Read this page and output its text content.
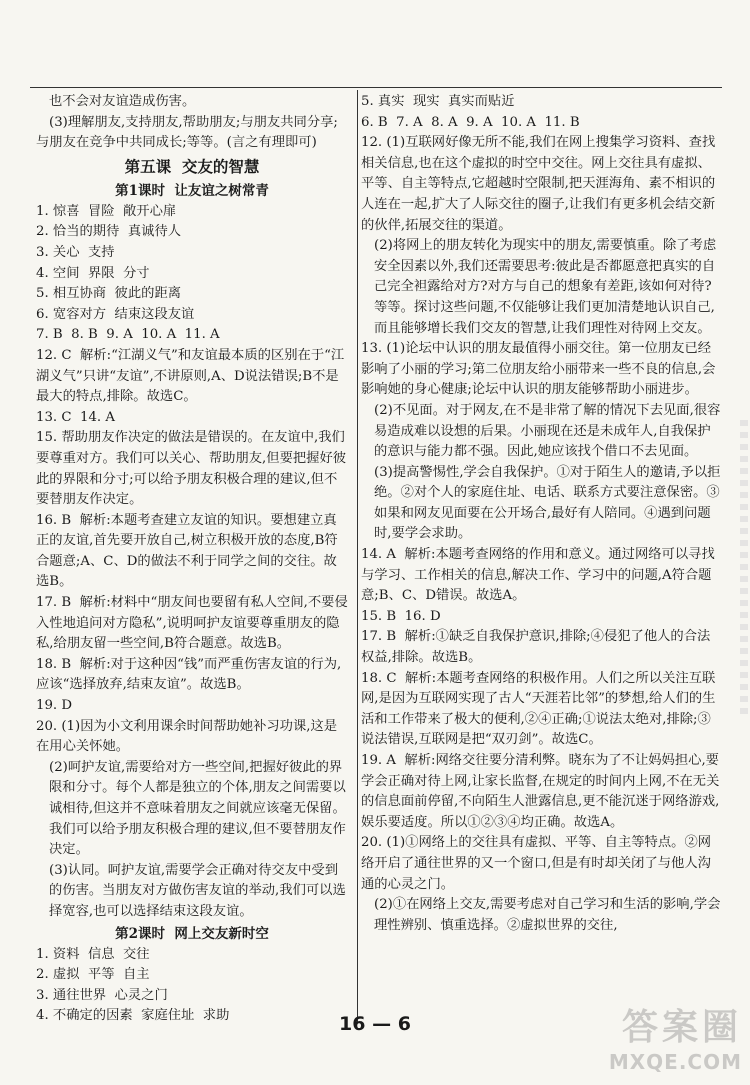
也不会对友谊造成伤害。

(3)理解朋友,支持朋友,帮助朋友;与朋友共同分享;与朋友在竞争中共同成长;等等。(言之有理即可)

第五课  交友的智慧

第1课时  让友谊之树常青

1. 惊喜  冒险  敞开心扉

2. 恰当的期待  真诚待人

3. 关心  支持

4. 空间  界限  分寸

5. 相互协商  彼此的距离

6. 宽容对方  结束这段友谊

7. B  8. B  9. A  10. A  11. A

12. C  解析:“江湖义气”和友谊最本质的区别在于“江湖义气”只讲“友谊”,不讲原则,A、D说法错误;B不是最大的特点,排除。故选C。

13. C  14. A

15. 帮助朋友作决定的做法是错误的。在友谊中,我们要尊重对方。我们可以关心、帮助朋友,但要把握好彼此的界限和分寸;可以给予朋友积极合理的建议,但不要替朋友作决定。

16. B  解析:本题考查建立友谊的知识。要想建立真正的友谊,首先要开放自己,树立积极开放的态度,B符合题意;A、C、D的做法不利于同学之间的交往。故选B。

17. B  解析:材料中“朋友间也要留有私人空间,不要侵入性地追问对方隐私”,说明呵护友谊要尊重朋友的隐私,给朋友留一些空间,B符合题意。故选B。

18. B  解析:对于这种因“钱”而严重伤害友谊的行为,应该“选择放弃,结束友谊”。故选B。

19. D

20. (1)因为小文利用课余时间帮助她补习功课,这是在用心关怀她。

(2)呵护友谊,需要给对方一些空间,把握好彼此的界限和分寸。每个人都是独立的个体,朋友之间需要以诚相待,但这并不意味着朋友之间就应该毫无保留。我们可以给予朋友积极合理的建议,但不要替朋友作决定。

(3)认同。呵护友谊,需要学会正确对待交友中受到的伤害。当朋友对方做伤害友谊的举动,我们可以选择宽容,也可以选择结束这段友谊。

第2课时  网上交友新时空

1. 资料  信息  交往

2. 虚拟  平等  自主

3. 通往世界  心灵之门

4. 不确定的因素  家庭住址  求助

5. 真实  现实  真实而贴近

6. B  7. A  8. A  9. A  10. A  11. B

12. (1)互联网好像无所不能,我们在网上搜集学习资料、查找相关信息,也在这个虚拟的时空中交往。网上交往具有虚拟、平等、自主等特点,它超越时空限制,把天涯海角、素不相识的人连在一起,扩大了人际交往的圈子,让我们有更多机会结交新的伙伴,拓展交往的渠道。

(2)将网上的朋友转化为现实中的朋友,需要慎重。除了考虑安全因素以外,我们还需要思考:彼此是否都愿意把真实的自己完全袒露给对方?对方与自己的想象有差距,该如何对待?等等。探讨这些问题,不仅能够让我们更加清楚地认识自己,而且能够增长我们交友的智慧,让我们理性对待网上交友。

13. (1)论坛中认识的朋友最值得小丽交往。第一位朋友已经影响了小丽的学习;第二位朋友给小丽带来一些不良的信息,会影响她的身心健康;论坛中认识的朋友能够帮助小丽进步。

(2)不见面。对于网友,在不是非常了解的情况下去见面,很容易造成难以设想的后果。小丽现在还是未成年人,自我保护的意识与能力都不强。因此,她应该找个借口不去见面。

(3)提高警惕性,学会自我保护。①对于陌生人的邀请,予以拒绝。②对个人的家庭住址、电话、联系方式要注意保密。③如果和网友见面要在公开场合,最好有人陪同。④遇到问题时,要学会求助。

14. A  解析:本题考查网络的作用和意义。通过网络可以寻找与学习、工作相关的信息,解决工作、学习中的问题,A符合题意;B、C、D错误。故选A。

15. B  16. D

17. B  解析:①缺乏自我保护意识,排除;④侵犯了他人的合法权益,排除。故选B。

18. C  解析:本题考查网络的积极作用。人们之所以关注互联网,是因为互联网实现了古人“天涯若比邻”的梦想,给人们的生活和工作带来了极大的便利,②④正确;①说法太绝对,排除;③说法错误,互联网是把“双刃剑”。故选C。

19. A  解析:网络交往要分清利弊。晓东为了不让妈妈担心,要学会正确对待上网,让家长监督,在规定的时间内上网,不在无关的信息面前停留,不向陌生人泄露信息,更不能沉迷于网络游戏,娱乐要适度。所以①②③④均正确。故选A。

20. (1)①网络上的交往具有虚拟、平等、自主等特点。②网络开启了通往世界的又一个窗口,但是有时却关闭了与他人沟通的心灵之门。

(2)①在网络上交友,需要考虑对自己学习和生活的影响,学会理性辨别、慎重选择。②虚拟世界的交往,

16 — 6	答案圈
MXQE.COM
